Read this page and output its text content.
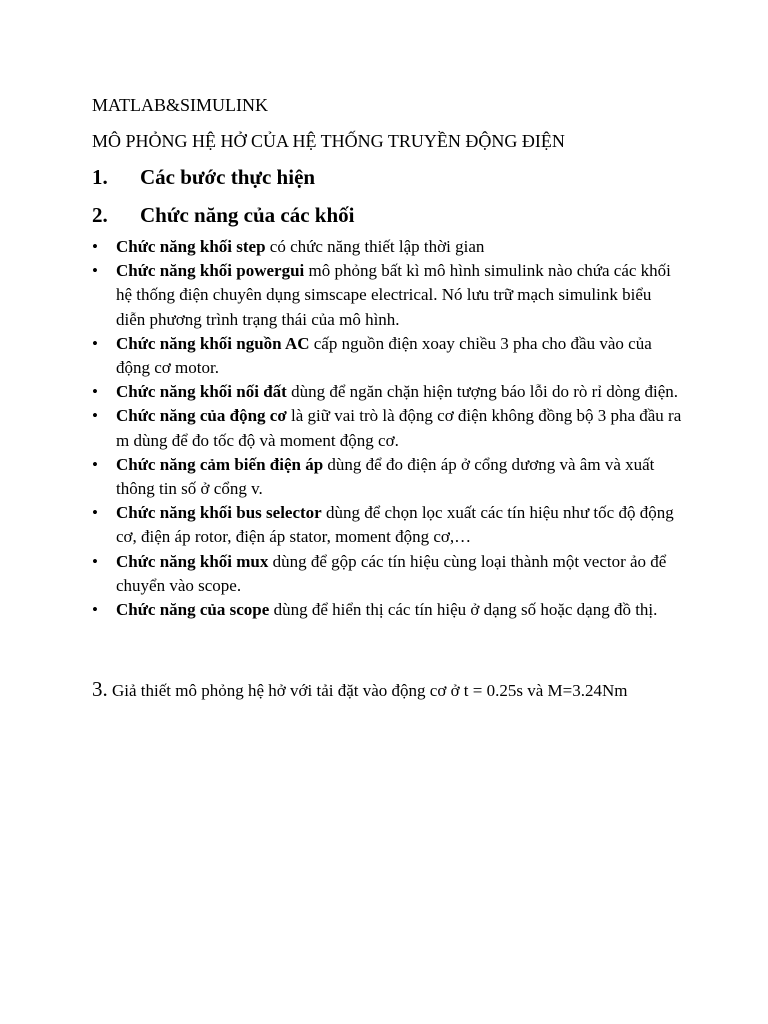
MATLAB&SIMULINK

MÔ PHỎNG HỆ HỞ CỦA HỆ THỐNG TRUYỀN ĐỘNG ĐIỆN

1. Các bước thực hiện

2. Chức năng của các khối

•	Chức năng khối step có chức năng thiết lập thời gian
•	Chức năng khối powergui mô phỏng bất kì mô hình simulink nào chứa các khối hệ thống điện chuyên dụng simscape electrical. Nó lưu trữ mạch simulink biểu diễn phương trình trạng thái của mô hình.
•	Chức năng khối nguồn AC cấp nguồn điện xoay chiều 3 pha cho đầu vào của động cơ motor.
•	Chức năng khối nối đất dùng để ngăn chặn hiện tượng báo lỗi do rò rỉ dòng điện.
•	Chức năng của động cơ là giữ vai trò là động cơ điện không đồng bộ 3 pha đầu ra m dùng để đo tốc độ và moment động cơ.
•	Chức năng cảm biến điện áp dùng để đo điện áp ở cổng dương và âm và xuất thông tin số ở cổng v.
•	Chức năng khối bus selector dùng để chọn lọc xuất các tín hiệu như tốc độ động cơ, điện áp rotor, điện áp stator, moment động cơ,…
•	Chức năng khối mux dùng để gộp các tín hiệu cùng loại thành một vector ảo để chuyển vào scope.
•	Chức năng của scope dùng để hiển thị các tín hiệu ở dạng số hoặc dạng đồ thị.

3. Giả thiết mô phỏng hệ hở với tải đặt vào động cơ ở t = 0.25s và M=3.24Nm
